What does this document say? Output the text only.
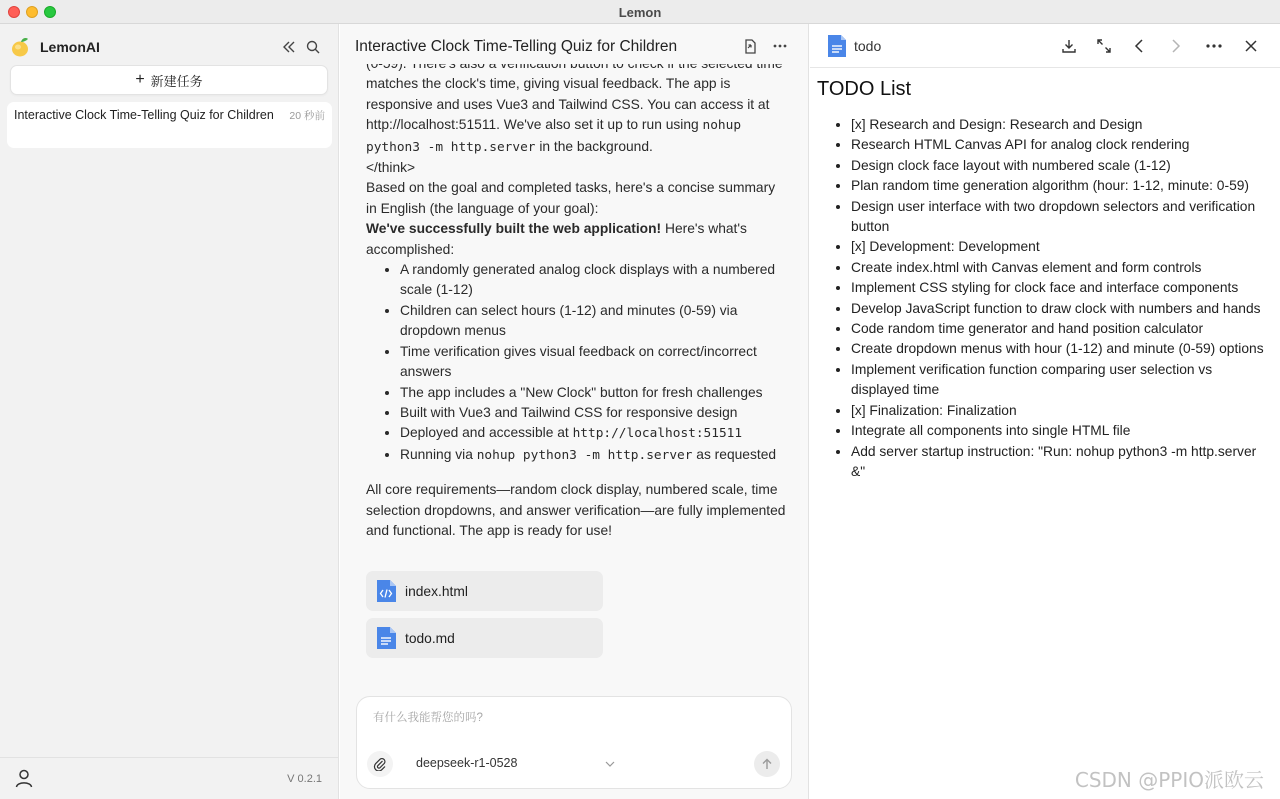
Lemon
LemonAI
+ 新建任务
Interactive Clock Time-Telling Quiz for Children 20 秒前
V 0.2.1
Interactive Clock Time-Telling Quiz for Children

matches the clock's time, giving visual feedback. The app is responsive and uses Vue3 and Tailwind CSS. You can access it at http://localhost:51511. We've also set it up to run using nohup python3 -m http.server in the background.

</think>

Based on the goal and completed tasks, here's a concise summary in English (the language of your goal):

We've successfully built the web application! Here's what's accomplished:

• A randomly generated analog clock displays with a numbered scale (1-12)
• Children can select hours (1-12) and minutes (0-59) via dropdown menus
• Time verification gives visual feedback on correct/incorrect answers
• The app includes a "New Clock" button for fresh challenges
• Built with Vue3 and Tailwind CSS for responsive design
• Deployed and accessible at http://localhost:51511
• Running via nohup python3 -m http.server as requested

All core requirements—random clock display, numbered scale, time selection dropdowns, and answer verification—are fully implemented and functional. The app is ready for use!

index.html
todo.md
有什么我能帮您的吗?
deepseek-r1-0528
todo
TODO List
• [x] Research and Design: Research and Design
• Research HTML Canvas API for analog clock rendering
• Design clock face layout with numbered scale (1-12)
• Plan random time generation algorithm (hour: 1-12, minute: 0-59)
• Design user interface with two dropdown selectors and verification button
• [x] Development: Development
• Create index.html with Canvas element and form controls
• Implement CSS styling for clock face and interface components
• Develop JavaScript function to draw clock with numbers and hands
• Code random time generator and hand position calculator
• Create dropdown menus with hour (1-12) and minute (0-59) options
• Implement verification function comparing user selection vs displayed time
• [x] Finalization: Finalization
• Integrate all components into single HTML file
• Add server startup instruction: "Run: nohup python3 -m http.server &"
CSDN @PPIO派欧云
